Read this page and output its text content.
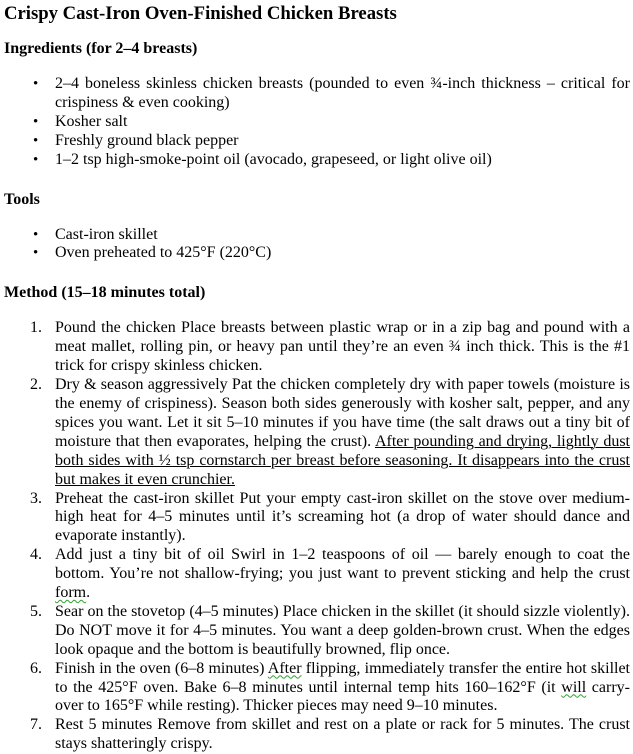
Crispy Cast-Iron Oven-Finished Chicken Breasts
Ingredients (for 2–4 breasts)
• 2–4 boneless skinless chicken breasts (pounded to even ¾-inch thickness – critical for crispiness & even cooking)
• Kosher salt
• Freshly ground black pepper
• 1–2 tsp high-smoke-point oil (avocado, grapeseed, or light olive oil)
Tools
• Cast-iron skillet
• Oven preheated to 425°F (220°C)
Method (15–18 minutes total)
1. Pound the chicken Place breasts between plastic wrap or in a zip bag and pound with a meat mallet, rolling pin, or heavy pan until they’re an even ¾ inch thick. This is the #1 trick for crispy skinless chicken.
2. Dry & season aggressively Pat the chicken completely dry with paper towels (moisture is the enemy of crispiness). Season both sides generously with kosher salt, pepper, and any spices you want. Let it sit 5–10 minutes if you have time (the salt draws out a tiny bit of moisture that then evaporates, helping the crust). After pounding and drying, lightly dust both sides with ½ tsp cornstarch per breast before seasoning. It disappears into the crust but makes it even crunchier.
3. Preheat the cast-iron skillet Put your empty cast-iron skillet on the stove over medium-high heat for 4–5 minutes until it’s screaming hot (a drop of water should dance and evaporate instantly).
4. Add just a tiny bit of oil Swirl in 1–2 teaspoons of oil — barely enough to coat the bottom. You’re not shallow-frying; you just want to prevent sticking and help the crust form.
5. Sear on the stovetop (4–5 minutes) Place chicken in the skillet (it should sizzle violently). Do NOT move it for 4–5 minutes. You want a deep golden-brown crust. When the edges look opaque and the bottom is beautifully browned, flip once.
6. Finish in the oven (6–8 minutes) After flipping, immediately transfer the entire hot skillet to the 425°F oven. Bake 6–8 minutes until internal temp hits 160–162°F (it will carry-over to 165°F while resting). Thicker pieces may need 9–10 minutes.
7. Rest 5 minutes Remove from skillet and rest on a plate or rack for 5 minutes. The crust stays shatteringly crispy.
